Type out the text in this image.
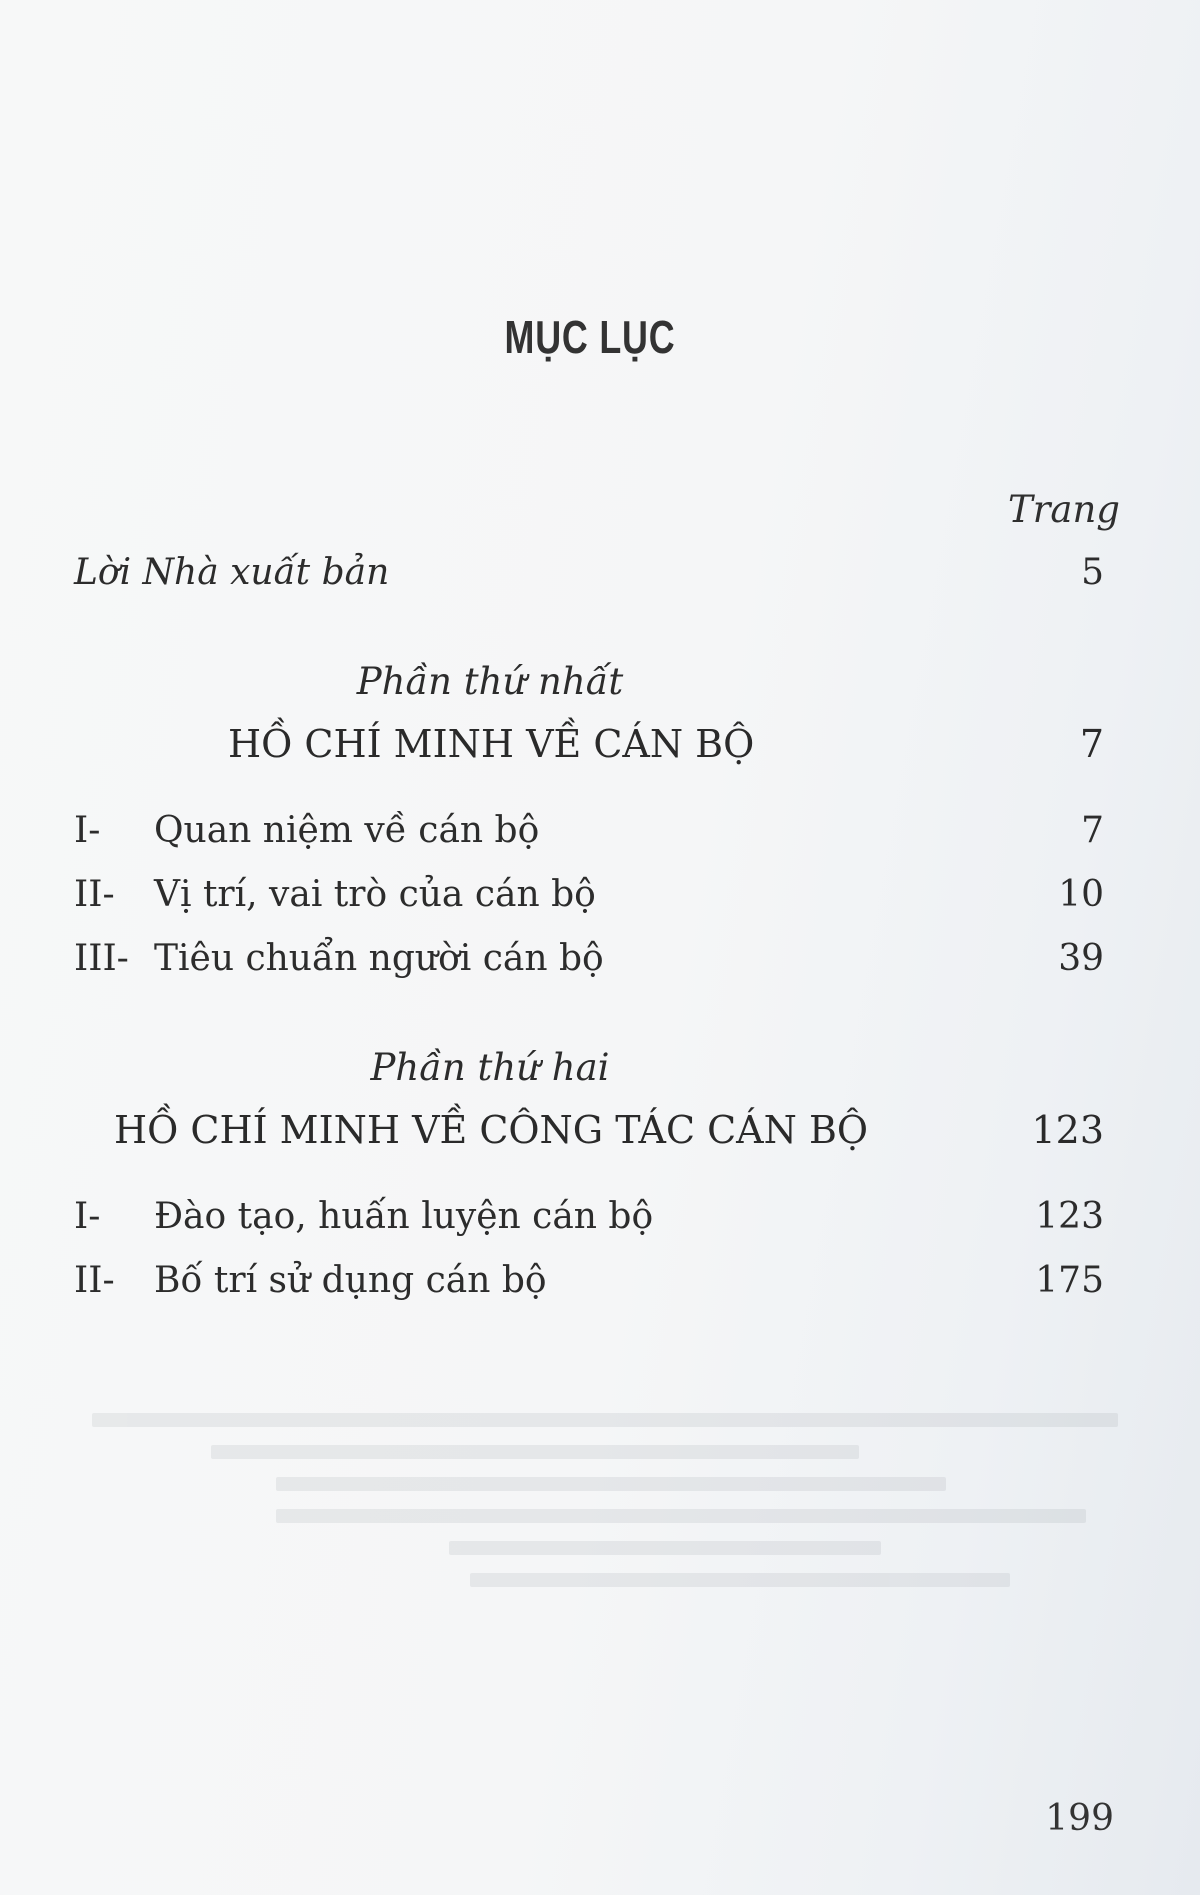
MỤC LỤC
Trang
Lời Nhà xuất bản	5
Phần thứ nhất
HỒ CHÍ MINH VỀ CÁN BỘ	7
I- Quan niệm về cán bộ	7
II- Vị trí, vai trò của cán bộ	10
III- Tiêu chuẩn người cán bộ	39
Phần thứ hai
HỒ CHÍ MINH VỀ CÔNG TÁC CÁN BỘ	123
I- Đào tạo, huấn luyện cán bộ	123
II- Bố trí sử dụng cán bộ	175
199
